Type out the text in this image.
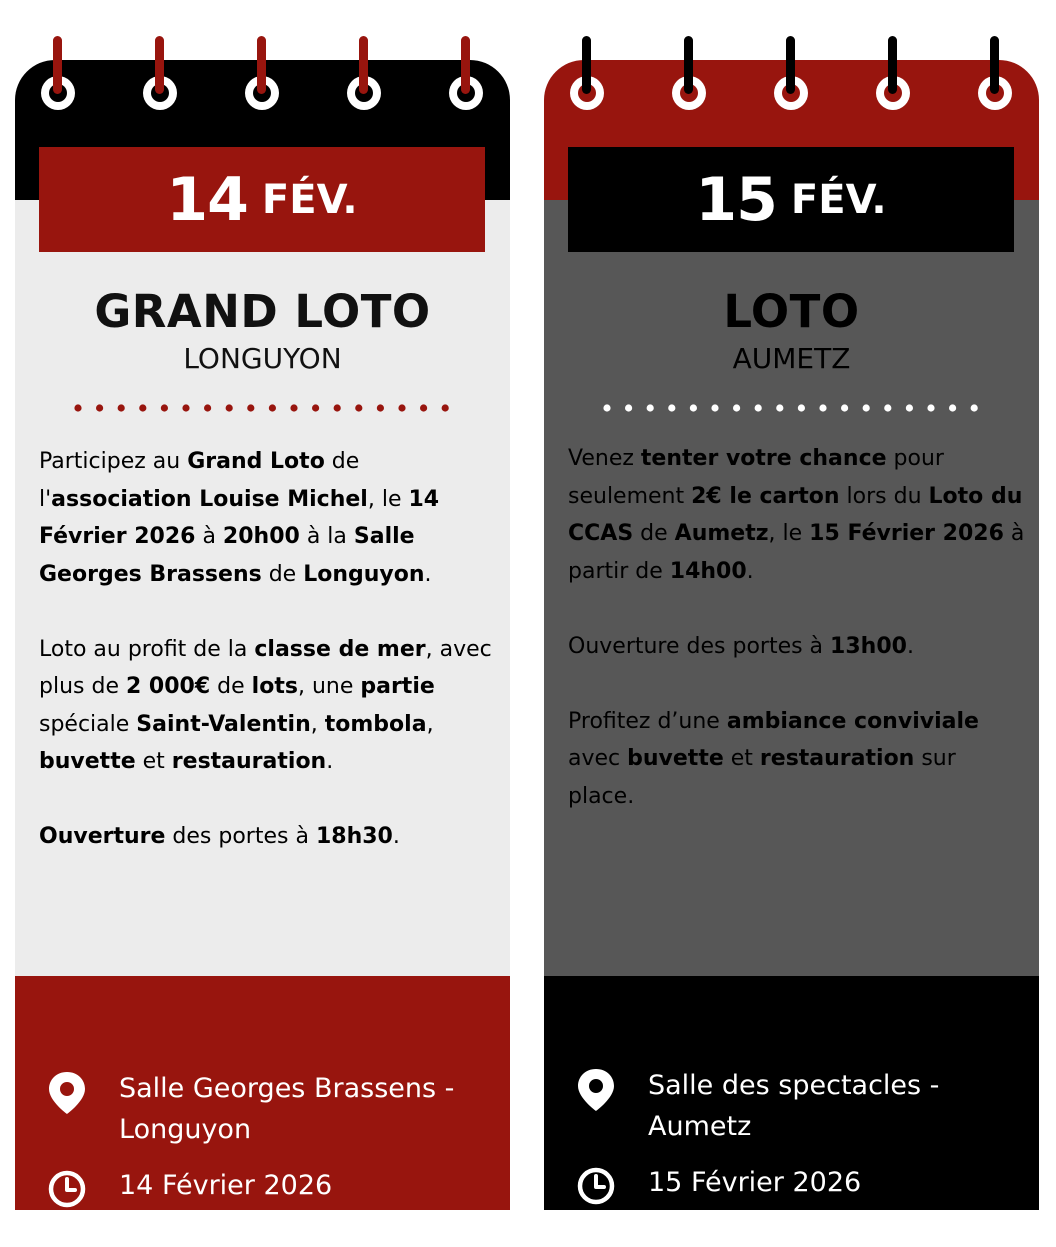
14 FÉV.
GRAND LOTO
LONGUYON

Participez au Grand Loto de l'association Louise Michel, le 14 Février 2026 à 20h00 à la Salle Georges Brassens de Longuyon.

Loto au profit de la classe de mer, avec plus de 2 000€ de lots, une partie spéciale Saint-Valentin, tombola, buvette et restauration.

Ouverture des portes à 18h30.

Salle Georges Brassens -
Longuyon
14 Février 2026
à partir de 18h30
15 FÉV.
LOTO
AUMETZ

Venez tenter votre chance pour seulement 2€ le carton lors du Loto du CCAS de Aumetz, le 15 Février 2026 à partir de 14h00.

Ouverture des portes à 13h00.

Profitez d’une ambiance conviviale avec buvette et restauration sur place.

Salle des spectacles -
Aumetz
15 Février 2026
à partir de 13h00
